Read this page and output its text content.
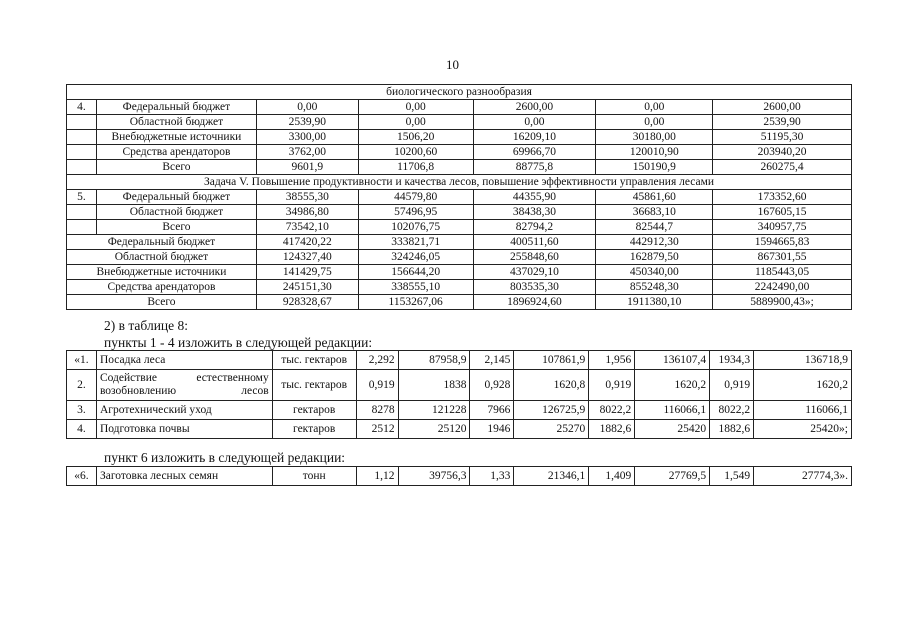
10
биологического разнообразия						
4.	Федеральный бюджет	0,00	0,00	2600,00	0,00	2600,00
	Областной бюджет	2539,90	0,00	0,00	0,00	2539,90
	Внебюджетные источники	3300,00	1506,20	16209,10	30180,00	51195,30
	Средства арендаторов	3762,00	10200,60	69966,70	120010,90	203940,20
	Всего	9601,9	11706,8	88775,8	150190,9	260275,4
Задача V. Повышение продуктивности и качества лесов, повышение эффективности управления лесами						
5.	Федеральный бюджет	38555,30	44579,80	44355,90	45861,60	173352,60
	Областной бюджет	34986,80	57496,95	38438,30	36683,10	167605,15
	Всего	73542,10	102076,75	82794,2	82544,7	340957,75
Федеральный бюджет		417420,22	333821,71	400511,60	442912,30	1594665,83
Областной бюджет		124327,40	324246,05	255848,60	162879,50	867301,55
Внебюджетные источники		141429,75	156644,20	437029,10	450340,00	1185443,05
Средства арендаторов		245151,30	338555,10	803535,30	855248,30	2242490,00
Всего		928328,67	1153267,06	1896924,60	1911380,10	5889900,43»;
2) в таблице 8:
пункты 1 - 4 изложить в следующей редакции:
«1.	Посадка леса	тыс. гектаров	2,292	87958,9	2,145	107861,9	1,956	136107,4	1934,3	136718,9
2.	Содействие естественному возобновлению лесов	тыс. гектаров	0,919	1838	0,928	1620,8	0,919	1620,2	0,919	1620,2
3.	Агротехнический уход	гектаров	8278	121228	7966	126725,9	8022,2	116066,1	8022,2	116066,1
4.	Подготовка почвы	гектаров	2512	25120	1946	25270	1882,6	25420	1882,6	25420»;
пункт 6 изложить в следующей редакции:
«6.	Заготовка лесных семян	тонн	1,12	39756,3	1,33	21346,1	1,409	27769,5	1,549	27774,3».
